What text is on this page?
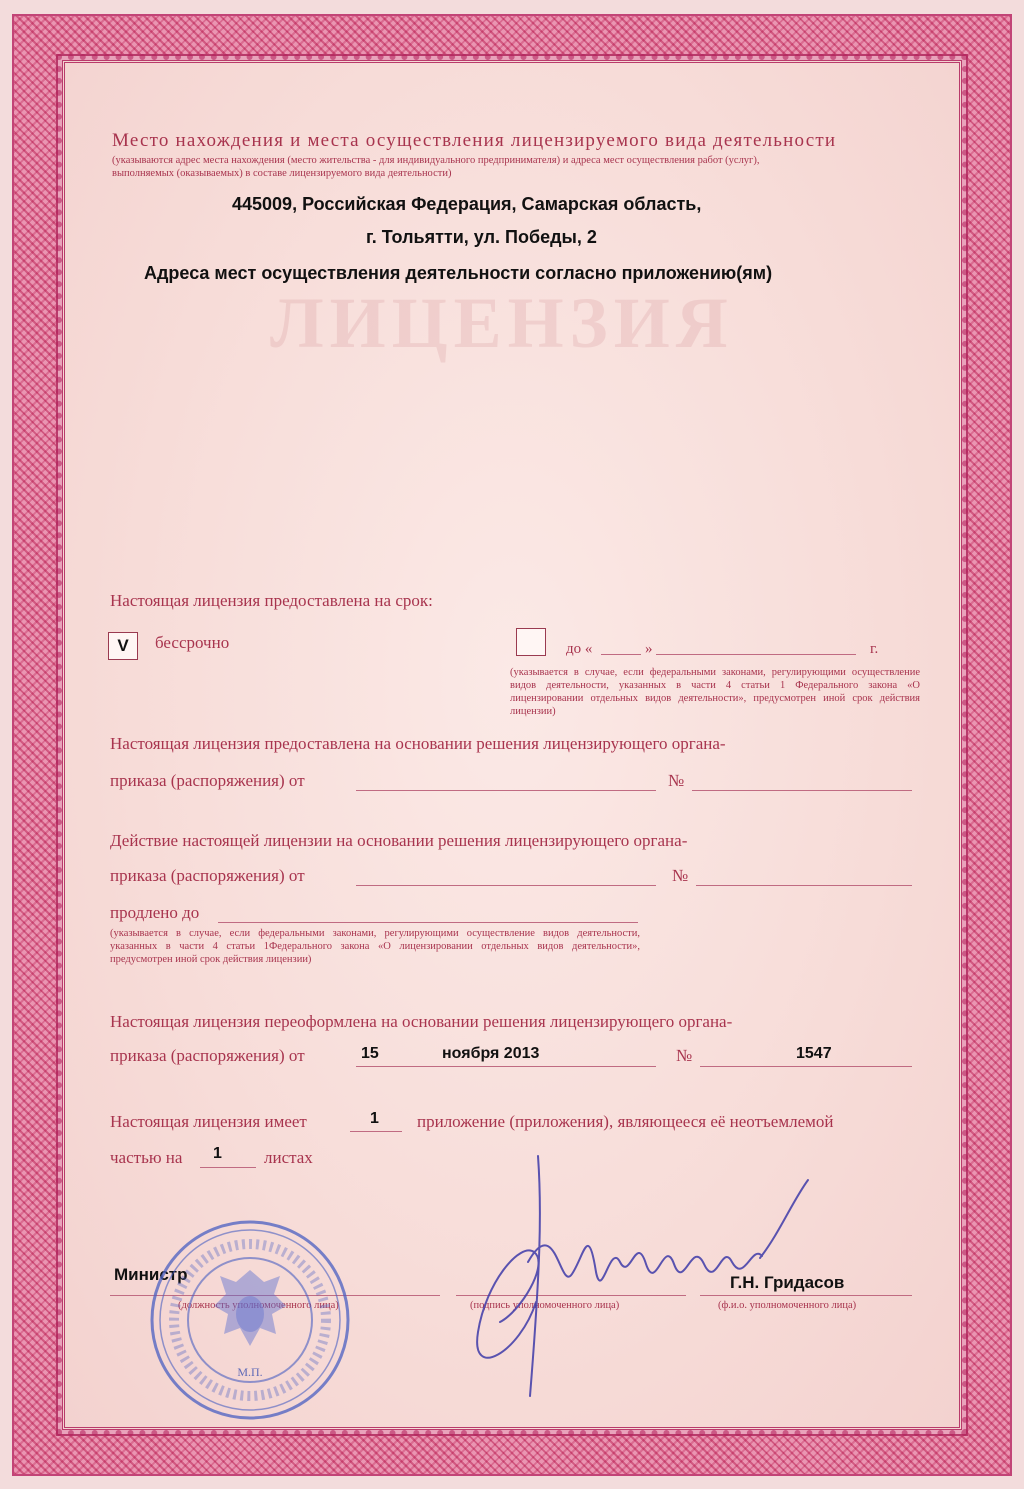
ЛИЦЕНЗИЯ
Место нахождения и места осуществления лицензируемого вида деятельности
(указываются адрес места нахождения (место жительства - для индивидуального предпринимателя) и адреса мест осуществления работ (услуг),
выполняемых (оказываемых) в составе лицензируемого вида деятельности)
445009, Российская Федерация, Самарская область,
г. Тольятти, ул. Победы, 2
Адреса мест осуществления деятельности согласно приложению(ям)
Настоящая лицензия предоставлена на срок:
V	бессрочно	до «	»	г.
(указывается в случае, если федеральными законами, регулирующими осуществление видов деятельности, указанных в части 4 статьи 1 Федерального закона «О лицензировании отдельных видов деятельности», предусмотрен иной срок действия лицензии)
Настоящая лицензия предоставлена на основании решения лицензирующего органа-
приказа (распоряжения) от	№
Действие настоящей лицензии на основании решения лицензирующего органа-
приказа (распоряжения) от	№
продлено до
(указывается в случае, если федеральными законами, регулирующими осуществление видов деятельности, указанных в части 4 статьи 1Федерального закона «О лицензировании отдельных видов деятельности», предусмотрен иной срок действия лицензии)
Настоящая лицензия переоформлена на основании решения лицензирующего органа-
приказа (распоряжения) от	15	ноября 2013	№	1547
Настоящая лицензия имеет	1 приложение (приложения), являющееся её неотъемлемой
частью на 1 листах
Министр
(должность уполномоченного лица)	(подпись уполномоченного лица)
Г.Н. Гридасов
(ф.и.о. уполномоченного лица)
М.П.
